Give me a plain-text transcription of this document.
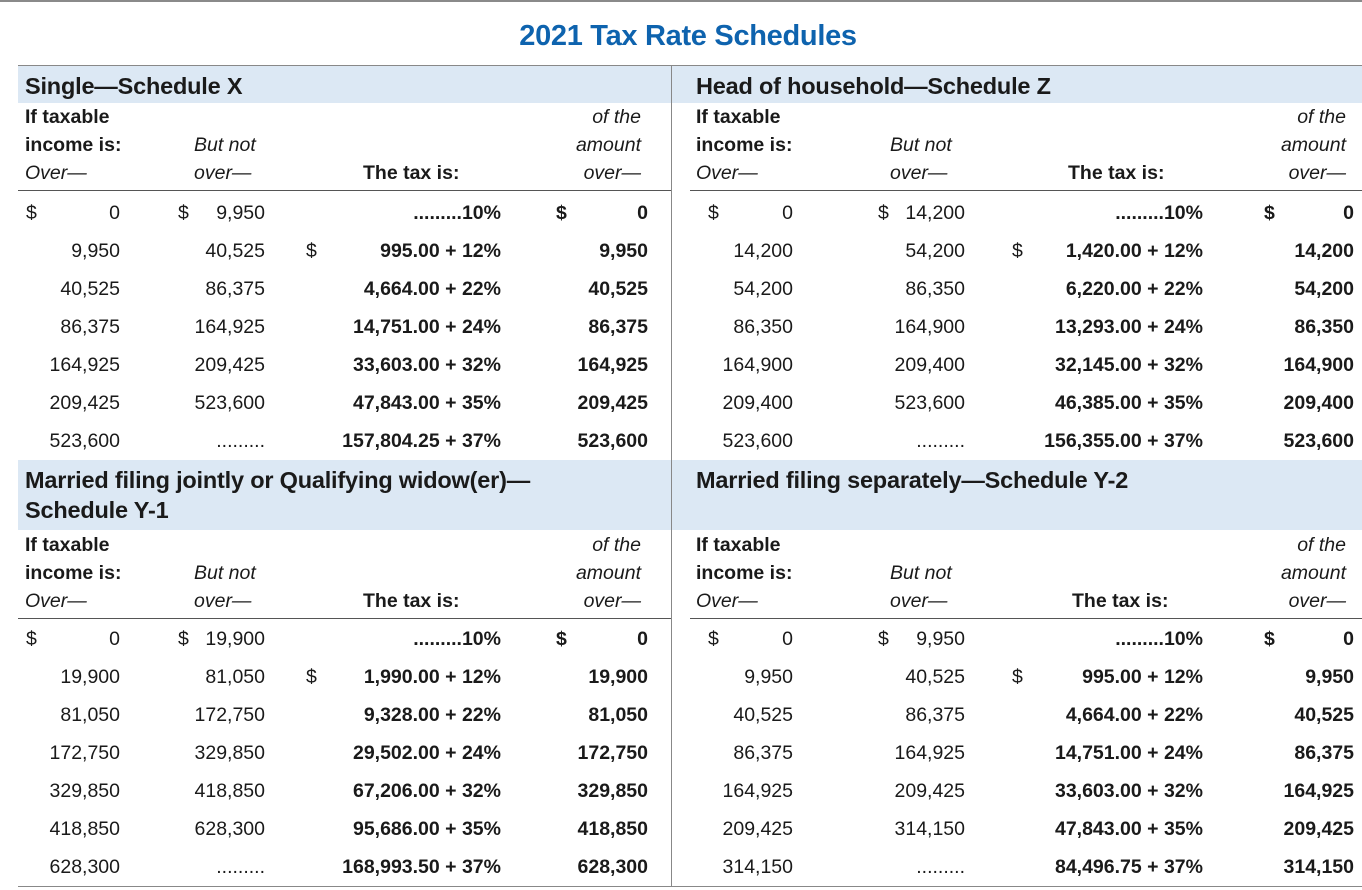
2021 Tax Rate Schedules
Single—Schedule X
If taxable
income is:
Over—
But not
over—	The tax is:
of the
amount
over—
$	0	$ 9,950	.........10%	$	0
9,950	40,525 $	995.00 + 12%	9,950
40,525	86,375	4,664.00 + 22%	40,525
86,375	164,925	14,751.00 + 24%	86,375
164,925	209,425	33,603.00 + 32%	164,925
209,425	523,600	47,843.00 + 35%	209,425
523,600	.........	157,804.25 + 37%	523,600
Head of household—Schedule Z
If taxable
income is:
Over—
But not
over—	The tax is:
of the
amount
over—
$	0	$ 14,200	.........10%	$	0
14,200	54,200 $ 1,420.00 + 12%	14,200
54,200	86,350	6,220.00 + 22%	54,200
86,350	164,900	13,293.00 + 24%	86,350
164,900	209,400	32,145.00 + 32%	164,900
209,400	523,600	46,385.00 + 35%	209,400
523,600	.........	156,355.00 + 37%	523,600
Married filing jointly or Qualifying widow(er)—
Schedule Y-1
If taxable
income is:
Over—
But not
over—	The tax is:
of the
amount
over—
$	0	$ 19,900	.........10%	$	0
19,900	81,050 $ 1,990.00 + 12%	19,900
81,050	172,750	9,328.00 + 22%	81,050
172,750	329,850	29,502.00 + 24%	172,750
329,850	418,850	67,206.00 + 32%	329,850
418,850	628,300	95,686.00 + 35%	418,850
628,300	.........	168,993.50 + 37%	628,300
Married filing separately—Schedule Y-2
If taxable
income is:
Over—
But not
over—	The tax is:
of the
amount
over—
$	0	$ 9,950	.........10%	$	0
9,950	40,525 $	995.00 + 12%	9,950
40,525	86,375	4,664.00 + 22%	40,525
86,375	164,925	14,751.00 + 24%	86,375
164,925	209,425	33,603.00 + 32%	164,925
209,425	314,150	47,843.00 + 35%	209,425
314,150	.........	84,496.75 + 37%	314,150
